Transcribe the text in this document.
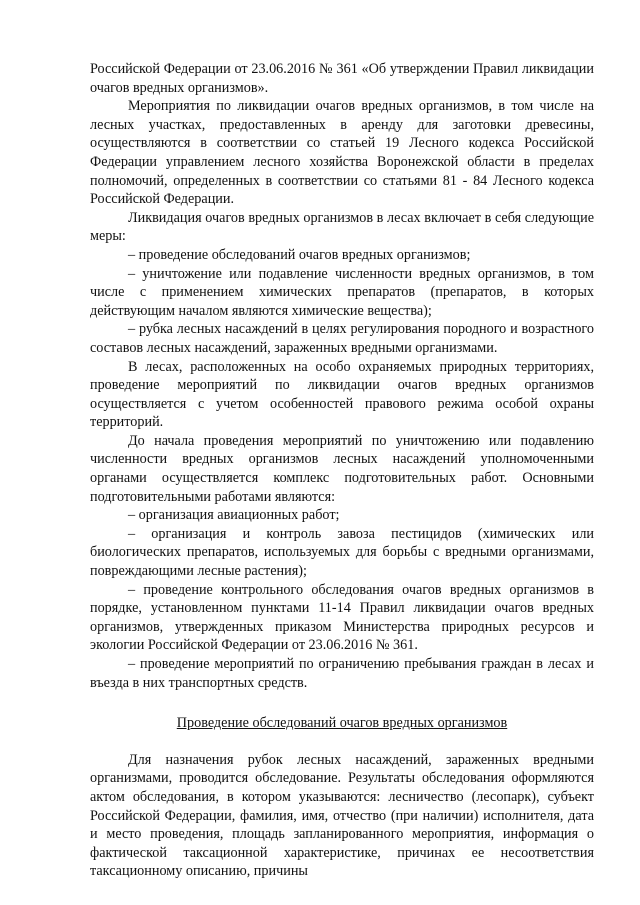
Российской Федерации от 23.06.2016 № 361 «Об утверждении Правил ликвидации очагов вредных организмов».

Мероприятия по ликвидации очагов вредных организмов, в том числе на лесных участках, предоставленных в аренду для заготовки древесины, осуществляются в соответствии со статьей 19 Лесного кодекса Российской Федерации управлением лесного хозяйства Воронежской области в пределах полномочий, определенных в соответствии со статьями 81 - 84 Лесного кодекса Российской Федерации.

Ликвидация очагов вредных организмов в лесах включает в себя следующие меры:

– проведение обследований очагов вредных организмов;

– уничтожение или подавление численности вредных организмов, в том числе с применением химических препаратов (препаратов, в которых действующим началом являются химические вещества);

– рубка лесных насаждений в целях регулирования породного и возрастного составов лесных насаждений, зараженных вредными организмами.

В лесах, расположенных на особо охраняемых природных территориях, проведение мероприятий по ликвидации очагов вредных организмов осуществляется с учетом особенностей правового режима особой охраны территорий.

До начала проведения мероприятий по уничтожению или подавлению численности вредных организмов лесных насаждений уполномоченными органами осуществляется комплекс подготовительных работ. Основными подготовительными работами являются:

– организация авиационных работ;

– организация и контроль завоза пестицидов (химических или биологических препаратов, используемых для борьбы с вредными организмами, повреждающими лесные растения);

– проведение контрольного обследования очагов вредных организмов в порядке, установленном пунктами 11-14 Правил ликвидации очагов вредных организмов, утвержденных приказом Министерства природных ресурсов и экологии Российской Федерации от 23.06.2016 № 361.

– проведение мероприятий по ограничению пребывания граждан в лесах и въезда в них транспортных средств.

Проведение обследований очагов вредных организмов

Для назначения рубок лесных насаждений, зараженных вредными организмами, проводится обследование. Результаты обследования оформляются актом обследования, в котором указываются: лесничество (лесопарк), субъект Российской Федерации, фамилия, имя, отчество (при наличии) исполнителя, дата и место проведения, площадь запланированного мероприятия, информация о фактической таксационной характеристике, причинах ее несоответствия таксационному описанию, причины
